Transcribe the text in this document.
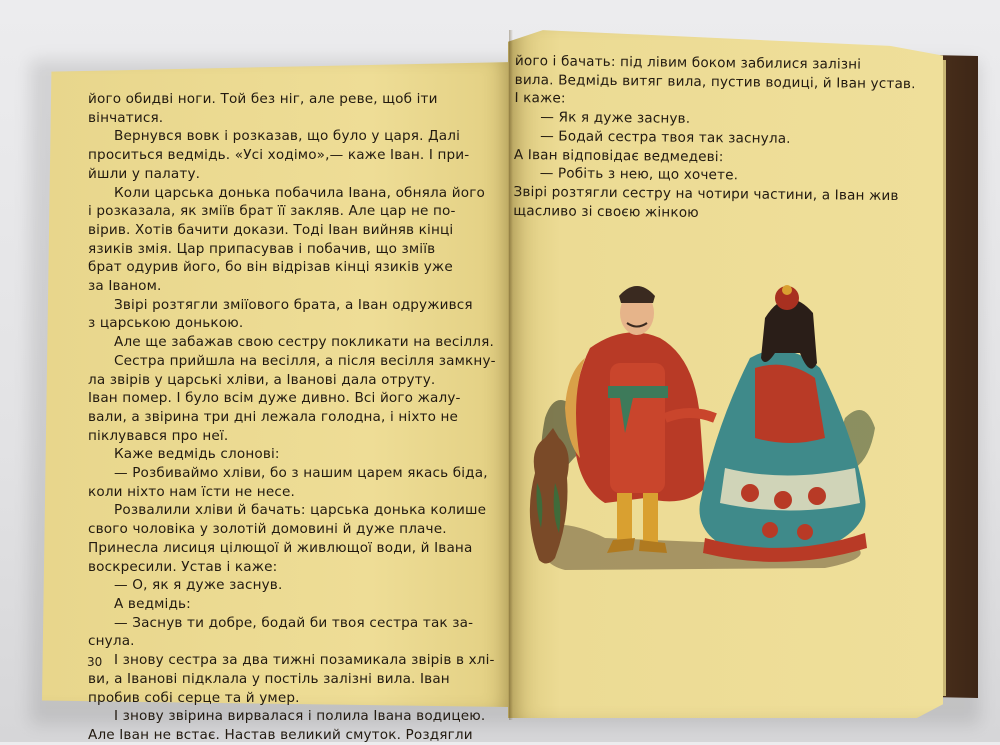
його обидві ноги. Той без ніг, але реве, щоб іти
вінчатися.
Вернувся вовк і розказав, що було у царя. Далі
проситься ведмідь. «Усі ходімо»,— каже Іван. І при-
йшли у палату.
Коли царська донька побачила Івана, обняла його
і розказала, як зміїв брат її закляв. Але цар не по-
вірив. Хотів бачити докази. Тоді Іван вийняв кінці
язиків змія. Цар припасував і побачив, що зміїв
брат одурив його, бо він відрізав кінці язиків уже
за Іваном.
Звірі розтягли зміїового брата, а Іван одружився
з царською донькою.
Але ще забажав свою сестру покликати на весілля.
Сестра прийшла на весілля, а після весілля замкну-
ла звірів у царські хліви, а Іванові дала отруту.
Іван помер. І було всім дуже дивно. Всі його жалу-
вали, а звірина три дні лежала голодна, і ніхто не
піклувався про неї.
Каже ведмідь слонові:
— Розбиваймо хліви, бо з нашим царем якась біда,
коли ніхто нам їсти не несе.
Розвалили хліви й бачать: царська донька колише
свого чоловіка у золотій домовині й дуже плаче.
Принесла лисиця цілющої й живлющої води, й Івана
воскресили. Устав і каже:
— О, як я дуже заснув.
А ведмідь:
— Заснув ти добре, бодай би твоя сестра так за-
снула.
І знову сестра за два тижні позамикала звірів в хлі-
ви, а Іванові підклала у постіль залізні вила. Іван
пробив собі серце та й умер.
І знову звірина вирвалася і полила Івана водицею.
Але Іван не встає. Настав великий смуток. Роздягли
30
його і бачать: під лівим боком забилися залізні
вила. Ведмідь витяг вила, пустив водиці, й Іван устав.
І каже:
— Як я дуже заснув.
— Бодай сестра твоя так заснула.
А Іван відповідає ведмедеві:
— Робіть з нею, що хочете.
Звірі розтягли сестру на чотири частини, а Іван жив
щасливо зі своєю жінкою
